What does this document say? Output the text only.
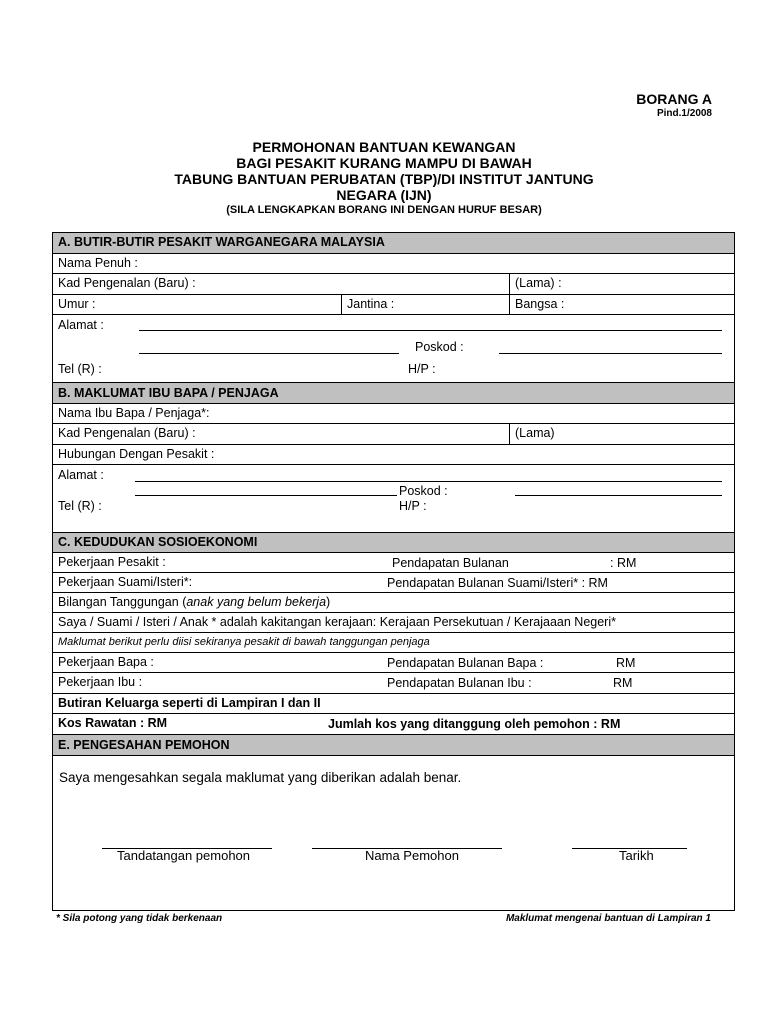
BORANG A
Pind.1/2008
PERMOHONAN BANTUAN KEWANGAN
BAGI PESAKIT KURANG MAMPU DI BAWAH
TABUNG BANTUAN PERUBATAN (TBP)/DI INSTITUT JANTUNG
NEGARA (IJN)
(SILA LENGKAPKAN BORANG INI DENGAN HURUF BESAR)
A. BUTIR-BUTIR PESAKIT WARGANEGARA MALAYSIA
Nama Penuh :
Kad Pengenalan (Baru) :	(Lama) :
Umur :	Jantina :	Bangsa :
Alamat :
Poskod :
Tel (R) :	H/P :
B. MAKLUMAT IBU BAPA / PENJAGA
Nama Ibu Bapa / Penjaga*:
Kad Pengenalan (Baru) :	(Lama)
Hubungan Dengan Pesakit :
Alamat :
Poskod :
Tel (R) :	H/P :
C. KEDUDUKAN SOSIOEKONOMI
Pekerjaan Pesakit :	Pendapatan Bulanan	: RM
Pekerjaan Suami/Isteri*:	Pendapatan Bulanan Suami/Isteri* : RM
Bilangan Tanggungan (anak yang belum bekerja)
Saya / Suami / Isteri / Anak * adalah kakitangan kerajaan: Kerajaan Persekutuan / Kerajaaan Negeri*
Maklumat berikut perlu diisi sekiranya pesakit di bawah tanggungan penjaga
Pekerjaan Bapa :	Pendapatan Bulanan Bapa :	RM
Pekerjaan Ibu :	Pendapatan Bulanan Ibu :	RM
Butiran Keluarga seperti di Lampiran I dan II
Kos Rawatan : RM	Jumlah kos yang ditanggung oleh pemohon : RM
E. PENGESAHAN PEMOHON
Saya mengesahkan segala maklumat yang diberikan adalah benar.
Tandatangan pemohon	Nama Pemohon	Tarikh
* Sila potong yang tidak berkenaan	Maklumat mengenai bantuan di Lampiran 1
